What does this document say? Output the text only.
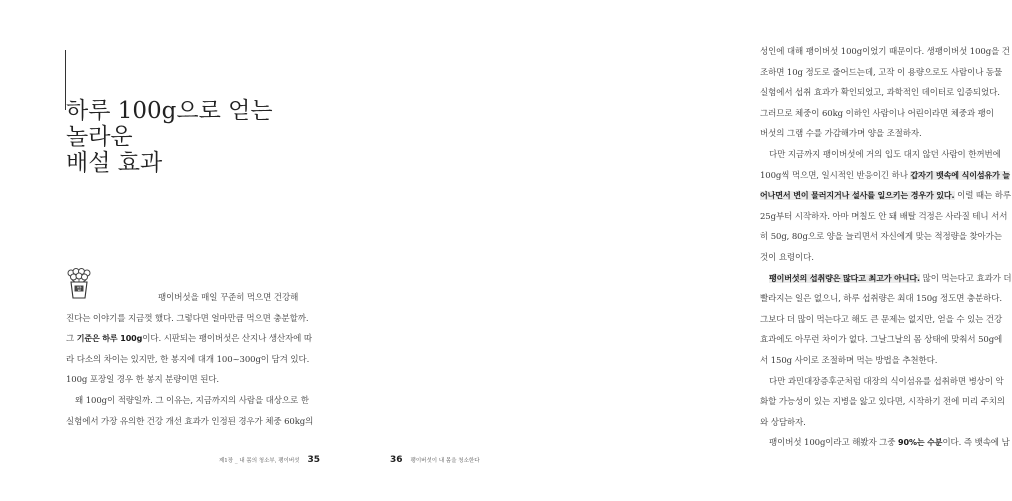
하루 100g으로 얻는
놀라운
배설 효과
쌀
팽이버섯을 매일 꾸준히 먹으면 건강해
진다는 이야기를 지금껏 했다. 그렇다면 얼마만큼 먹으면 충분할까.
그 기준은 하루 100g이다. 시판되는 팽이버섯은 산지나 생산자에 따
라 다소의 차이는 있지만, 한 봉지에 대개 100~300g이 담겨 있다.
100g 포장일 경우 한 봉지 분량이면 된다.
왜 100g이 적량일까. 그 이유는, 지금까지의 사람을 대상으로 한
실험에서 가장 유의한 건강 개선 효과가 인정된 경우가 체중 60kg의
제1장 _ 내 몸의 청소부, 팽이버섯 35
성인에 대해 팽이버섯 100g이었기 때문이다. 생팽이버섯 100g을 건
조하면 10g 정도로 줄어드는데, 고작 이 용량으로도 사람이나 동물
실험에서 섭취 효과가 확인되었고, 과학적인 데이터로 입증되었다.
그러므로 체중이 60kg 이하인 사람이나 어린이라면 체중과 팽이
버섯의 그램 수를 가감해가며 양을 조절하자.
다만 지금까지 팽이버섯에 거의 입도 대지 않던 사람이 한꺼번에
100g씩 먹으면, 일시적인 반응이긴 하나 갑자기 뱃속에 식이섬유가 늘
어나면서 변이 물러지거나 설사를 일으키는 경우가 있다. 이럴 때는 하루
25g부터 시작하자. 아마 며칠도 안 돼 배탈 걱정은 사라질 테니 서서
히 50g, 80g으로 양을 늘리면서 자신에게 맞는 적정량을 찾아가는
것이 요령이다.
팽이버섯의 섭취량은 많다고 최고가 아니다. 많이 먹는다고 효과가 더
빨라지는 일은 없으니, 하루 섭취량은 최대 150g 정도면 충분하다.
그보다 더 많이 먹는다고 해도 큰 문제는 없지만, 얻을 수 있는 건강
효과에도 아무런 차이가 없다. 그날그날의 몸 상태에 맞춰서 50g에
서 150g 사이로 조절하며 먹는 방법을 추천한다.
다만 과민대장증후군처럼 대장의 식이섬유를 섭취하면 병상이 악
화할 가능성이 있는 지병을 앓고 있다면, 시작하기 전에 미리 주치의
와 상담하자.
팽이버섯 100g이라고 해봤자 그중 90%는 수분이다. 즉 뱃속에 남
36 팽이버섯이 내 몸을 청소한다
